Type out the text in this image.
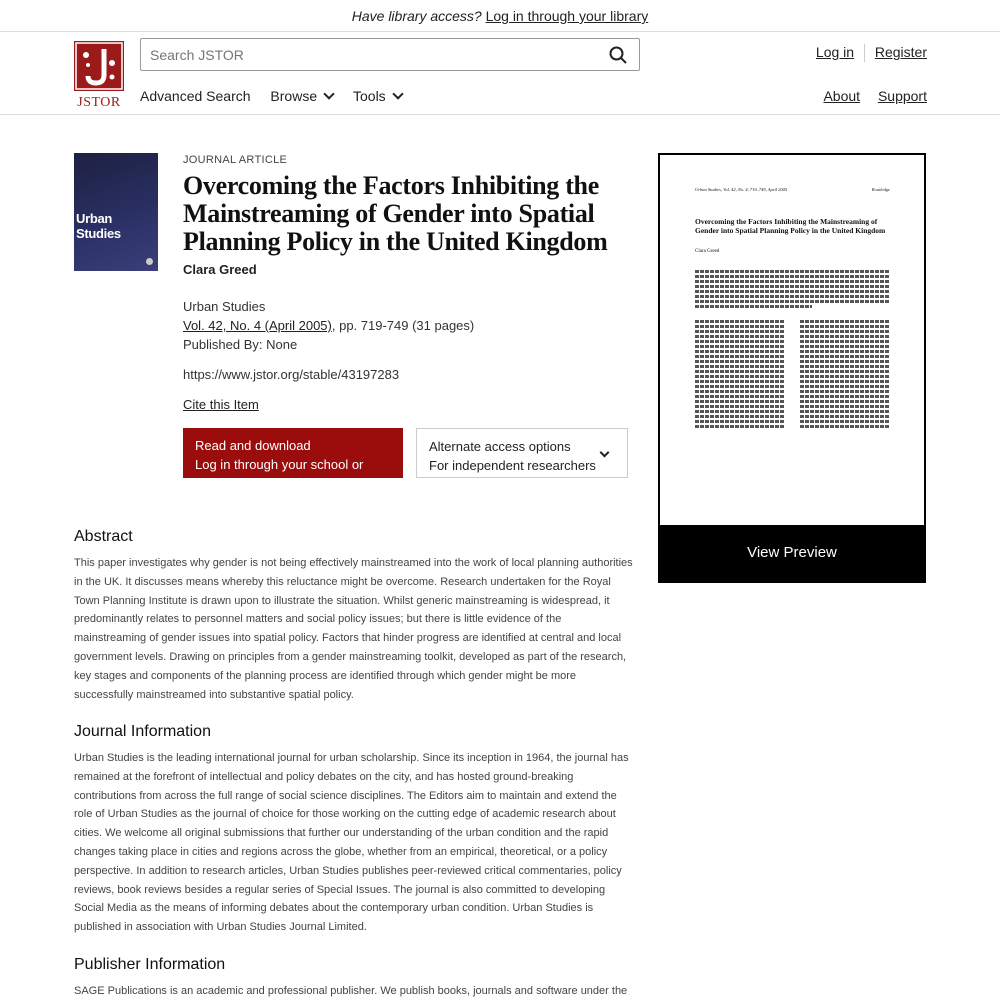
Have library access? Log in through your library
JSTOR
Search JSTOR
Log in Register
Advanced Search Browse	Tools	About Support
Urban Studies
JOURNAL ARTICLE
Overcoming the Factors Inhibiting the Mainstreaming of Gender into Spatial Planning Policy in the United Kingdom
Clara Greed
Urban Studies
Vol. 42, No. 4 (April 2005), pp. 719-749 (31 pages)
Published By: None
https://www.jstor.org/stable/43197283
Cite this Item
Read and download
Log in through your school or library
Alternate access options
For independent researchers
Urban Studies, Vol. 42, No. 4, 719–749, April 2005	Routledge
Overcoming the Factors Inhibiting the Mainstreaming of Gender into Spatial Planning Policy in the United Kingdom
Clara Greed
View Preview
Abstract

This paper investigates why gender is not being effectively mainstreamed into the work of local planning authorities in the UK. It discusses means whereby this reluctance might be overcome. Research undertaken for the Royal Town Planning Institute is drawn upon to illustrate the situation. Whilst generic mainstreaming is widespread, it predominantly relates to personnel matters and social policy issues; but there is little evidence of the mainstreaming of gender issues into spatial policy. Factors that hinder progress are identified at central and local government levels. Drawing on principles from a gender mainstreaming toolkit, developed as part of the research, key stages and components of the planning process are identified through which gender might be more successfully mainstreamed into substantive spatial policy.

Journal Information

Urban Studies is the leading international journal for urban scholarship. Since its inception in 1964, the journal has remained at the forefront of intellectual and policy debates on the city, and has hosted ground-breaking contributions from across the full range of social science disciplines. The Editors aim to maintain and extend the role of Urban Studies as the journal of choice for those working on the cutting edge of academic research about cities. We welcome all original submissions that further our understanding of the urban condition and the rapid changes taking place in cities and regions across the globe, whether from an empirical, theoretical, or a policy perspective. In addition to research articles, Urban Studies publishes peer-reviewed critical commentaries, policy reviews, book reviews besides a regular series of Special Issues. The journal is also committed to developing Social Media as the means of informing debates about the contemporary urban condition. Urban Studies is published in association with Urban Studies Journal Limited.

Publisher Information

SAGE Publications is an academic and professional publisher. We publish books, journals and software under the
